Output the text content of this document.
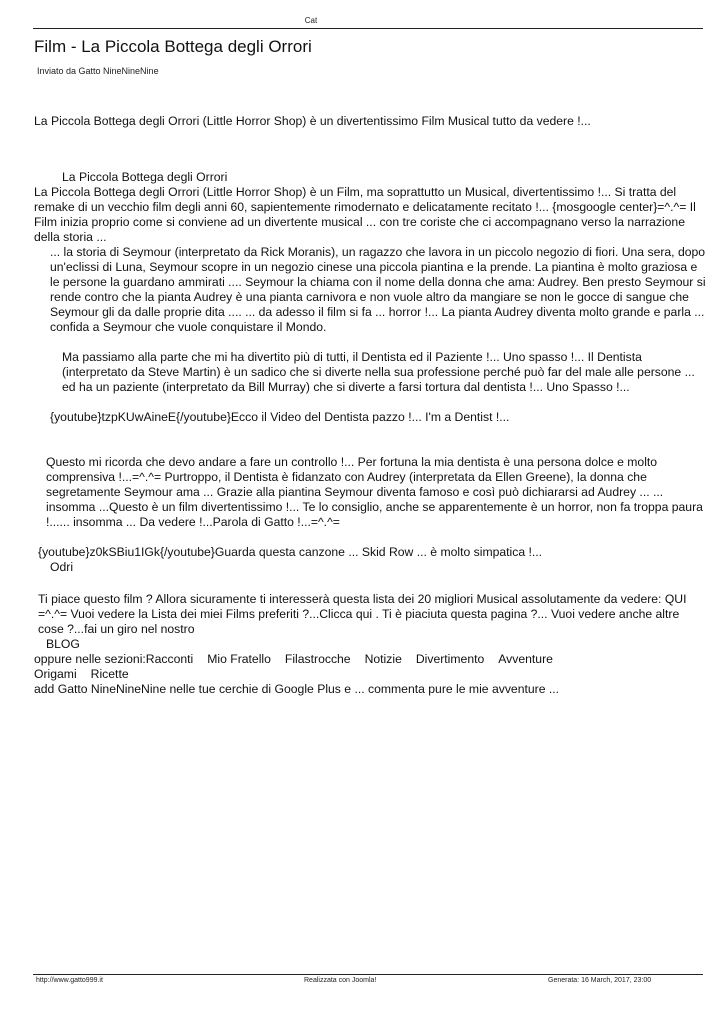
Cat
Film - La Piccola Bottega degli Orrori
Inviato da Gatto NineNineNine
La Piccola Bottega degli Orrori (Little Horror Shop) è un divertentissimo Film Musical tutto da vedere !...

La Piccola Bottega degli Orrori

La Piccola Bottega degli Orrori (Little Horror Shop) è un Film, ma soprattutto un Musical, divertentissimo !... Si tratta del remake di un vecchio film degli anni 60, sapientemente rimodernato e delicatamente recitato !... {mosgoogle center}=^.^= Il Film inizia proprio come si conviene ad un divertente musical ... con tre coriste che ci accompagnano verso la narrazione della storia ...

... la storia di Seymour (interpretato da Rick Moranis), un ragazzo che lavora in un piccolo negozio di fiori. Una sera, dopo un'eclissi di Luna, Seymour scopre in un negozio cinese una piccola piantina e la prende. La piantina è molto graziosa e le persone la guardano ammirati .... Seymour la chiama con il nome della donna che ama: Audrey. Ben presto Seymour si rende contro che la pianta Audrey è una pianta carnivora e non vuole altro da mangiare se non le gocce di sangue che Seymour gli da dalle proprie dita .... ... da adesso il film si fa ... horror !... La pianta Audrey diventa molto grande e parla ... confida a Seymour che vuole conquistare il Mondo.

Ma passiamo alla parte che mi ha divertito più di tutti, il Dentista ed il Paziente !... Uno spasso !... Il Dentista (interpretato da Steve Martin) è un sadico che si diverte nella sua professione perché può far del male alle persone ... ed ha un paziente (interpretato da Bill Murray) che si diverte a farsi tortura dal dentista !... Uno Spasso !...

{youtube}tzpKUwAineE{/youtube}Ecco il Video del Dentista pazzo !... I'm a Dentist !...

Questo mi ricorda che devo andare a fare un controllo !... Per fortuna la mia dentista è una persona dolce e molto comprensiva !...=^.^= Purtroppo, il Dentista è fidanzato con Audrey (interpretata da Ellen Greene), la donna che segretamente Seymour ama ... Grazie alla piantina Seymour diventa famoso e così può dichiararsi ad Audrey ... ... insomma ...Questo è un film divertentissimo !... Te lo consiglio, anche se apparentemente è un horror, non fa troppa paura !...... insomma ... Da vedere !...Parola di Gatto !...=^.^=

{youtube}z0kSBiu1IGk{/youtube}Guarda questa canzone ... Skid Row ... è molto simpatica !...

Odri

Ti piace questo film ? Allora sicuramente ti interesserà questa lista dei 20 migliori Musical assolutamente da vedere: QUI =^.^= Vuoi vedere la Lista dei miei Films preferiti ?...Clicca qui . Ti è piaciuta questa pagina ?... Vuoi vedere anche altre cose ?...fai un giro nel nostro

BLOG

oppure nelle sezioni:Racconti Mio Fratello Filastrocche Notizie Divertimento Avventure
Origami Ricette

add Gatto NineNineNine nelle tue cerchie di Google Plus e ... commenta pure le mie avventure ...

http://www.gatto999.it	Realizzata con Joomla!	Generata: 16 March, 2017, 23:00
